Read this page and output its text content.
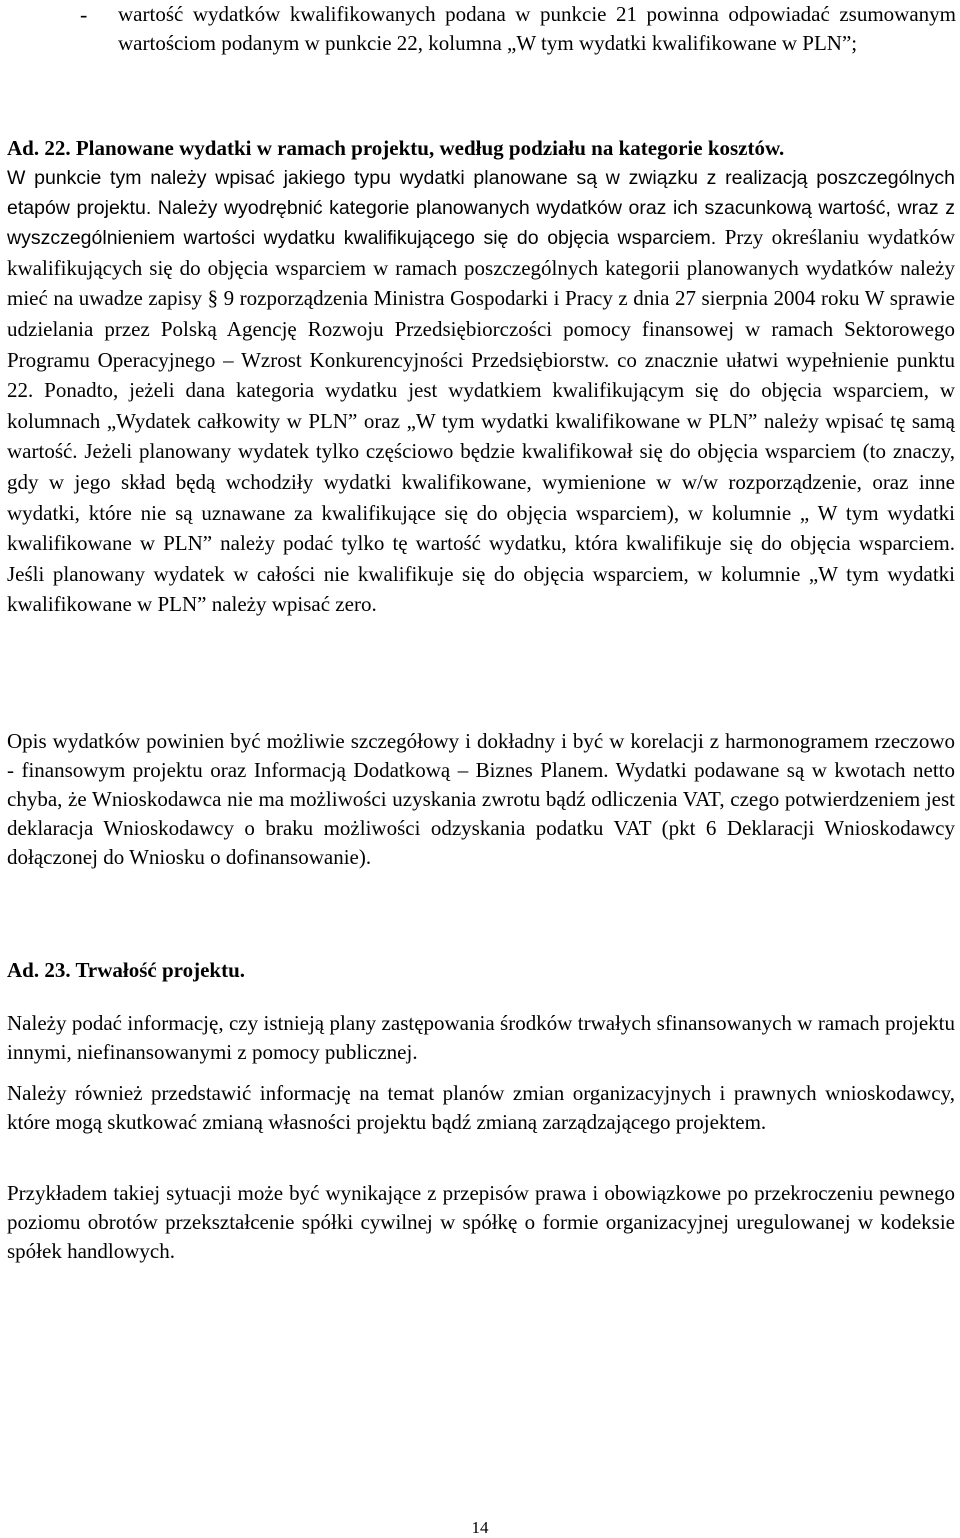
- wartość wydatków kwalifikowanych podana w punkcie 21 powinna odpowiadać zsumowanym wartościom podanym w punkcie 22, kolumna „W tym wydatki kwalifikowane w PLN”;
Ad. 22. Planowane wydatki w ramach projektu, według podziału na kategorie kosztów.
W punkcie tym należy wpisać jakiego typu wydatki planowane są w związku z realizacją poszczególnych etapów projektu. Należy wyodrębnić kategorie planowanych wydatków oraz ich szacunkową wartość, wraz z wyszczególnieniem wartości wydatku kwalifikującego się do objęcia wsparciem. Przy określaniu wydatków kwalifikujących się do objęcia wsparciem w ramach poszczególnych kategorii planowanych wydatków należy mieć na uwadze zapisy § 9 rozporządzenia Ministra Gospodarki i Pracy z dnia 27 sierpnia 2004 roku W sprawie udzielania przez Polską Agencję Rozwoju Przedsiębiorczości pomocy finansowej w ramach Sektorowego Programu Operacyjnego – Wzrost Konkurencyjności Przedsiębiorstw. co znacznie ułatwi wypełnienie punktu 22. Ponadto, jeżeli dana kategoria wydatku jest wydatkiem kwalifikującym się do objęcia wsparciem, w kolumnach „Wydatek całkowity w PLN” oraz „W tym wydatki kwalifikowane w PLN” należy wpisać tę samą wartość. Jeżeli planowany wydatek tylko częściowo będzie kwalifikował się do objęcia wsparciem (to znaczy, gdy w jego skład będą wchodziły wydatki kwalifikowane, wymienione w w/w rozporządzenie, oraz inne wydatki, które nie są uznawane za kwalifikujące się do objęcia wsparciem), w kolumnie „ W tym wydatki kwalifikowane w PLN” należy podać tylko tę wartość wydatku, która kwalifikuje się do objęcia wsparciem. Jeśli planowany wydatek w całości nie kwalifikuje się do objęcia wsparciem, w kolumnie „W tym wydatki kwalifikowane w PLN” należy wpisać zero.
Opis wydatków powinien być możliwie szczegółowy i dokładny i być w korelacji z harmonogramem rzeczowo - finansowym projektu oraz Informacją Dodatkową – Biznes Planem. Wydatki podawane są w kwotach netto chyba, że Wnioskodawca nie ma możliwości uzyskania zwrotu bądź odliczenia VAT, czego potwierdzeniem jest deklaracja Wnioskodawcy o braku możliwości odzyskania podatku VAT (pkt 6 Deklaracji Wnioskodawcy dołączonej do Wniosku o dofinansowanie).
Ad. 23. Trwałość projektu.
Należy podać informację, czy istnieją plany zastępowania środków trwałych sfinansowanych w ramach projektu innymi, niefinansowanymi z pomocy publicznej.
Należy również przedstawić informację na temat planów zmian organizacyjnych i prawnych wnioskodawcy, które mogą skutkować zmianą własności projektu bądź zmianą zarządzającego projektem.
Przykładem takiej sytuacji może być wynikające z przepisów prawa i obowiązkowe po przekroczeniu pewnego poziomu obrotów przekształcenie spółki cywilnej w spółkę o formie organizacyjnej uregulowanej w kodeksie spółek handlowych.
14
